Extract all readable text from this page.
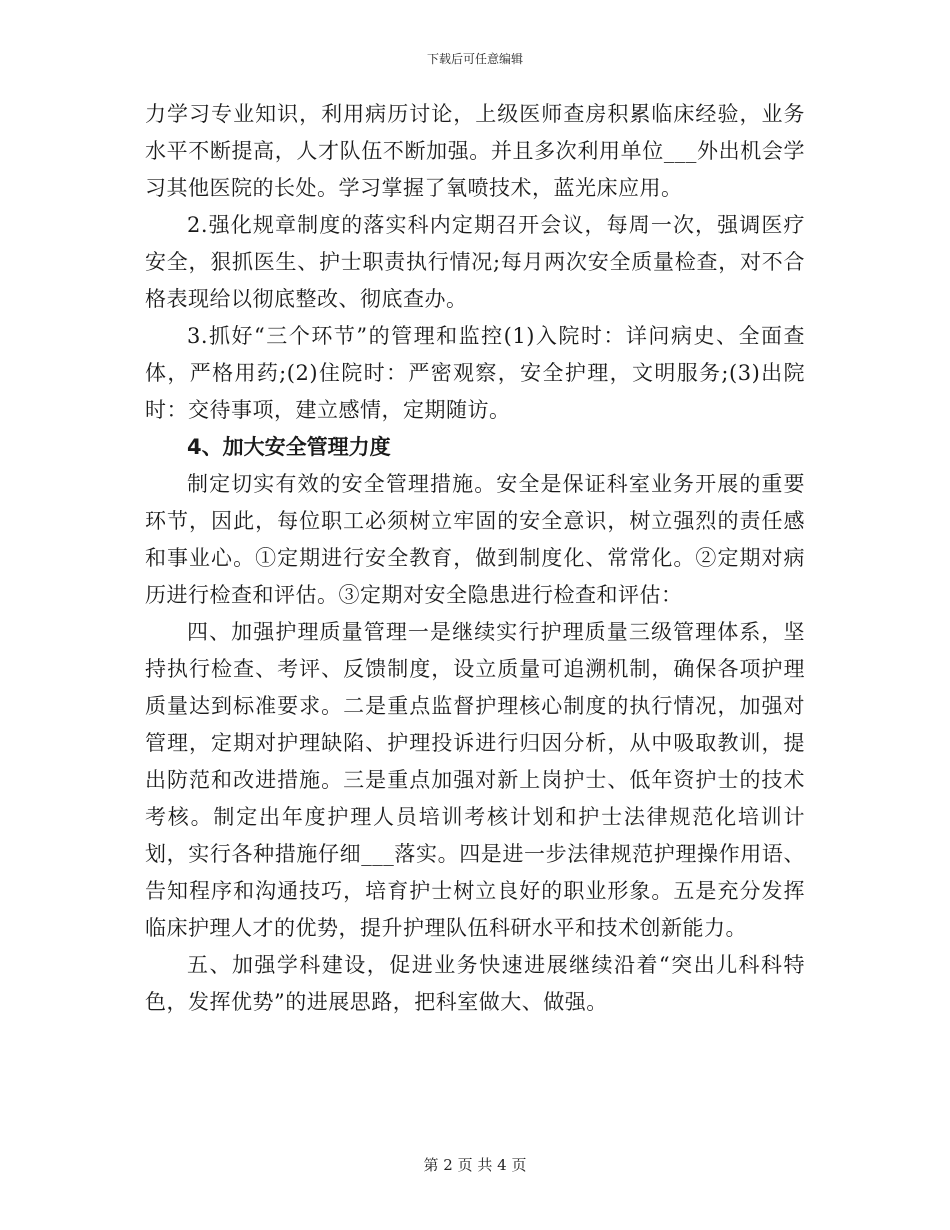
下载后可任意编辑

力学习专业知识，利用病历讨论，上级医师查房积累临床经验，业务水平不断提高，人才队伍不断加强。并且多次利用单位___外出机会学习其他医院的长处。学习掌握了氧喷技术，蓝光床应用。

2.强化规章制度的落实科内定期召开会议，每周一次，强调医疗安全，狠抓医生、护士职责执行情况;每月两次安全质量检查，对不合格表现给以彻底整改、彻底查办。

3.抓好“三个环节”的管理和监控(1)入院时：详问病史、全面查体，严格用药;(2)住院时：严密观察，安全护理，文明服务;(3)出院时：交待事项，建立感情，定期随访。

4、加大安全管理力度

制定切实有效的安全管理措施。安全是保证科室业务开展的重要环节，因此，每位职工必须树立牢固的安全意识，树立强烈的责任感和事业心。①定期进行安全教育，做到制度化、常常化。②定期对病历进行检查和评估。③定期对安全隐患进行检查和评估：

四、加强护理质量管理一是继续实行护理质量三级管理体系，坚持执行检查、考评、反馈制度，设立质量可追溯机制，确保各项护理质量达到标准要求。二是重点监督护理核心制度的执行情况，加强对管理，定期对护理缺陷、护理投诉进行归因分析，从中吸取教训，提出防范和改进措施。三是重点加强对新上岗护士、低年资护士的技术考核。制定出年度护理人员培训考核计划和护士法律规范化培训计划，实行各种措施仔细___落实。四是进一步法律规范护理操作用语、告知程序和沟通技巧，培育护士树立良好的职业形象。五是充分发挥临床护理人才的优势，提升护理队伍科研水平和技术创新能力。

五、加强学科建设，促进业务快速进展继续沿着“突出儿科科特色，发挥优势”的进展思路，把科室做大、做强。

第 2 页 共 4 页
